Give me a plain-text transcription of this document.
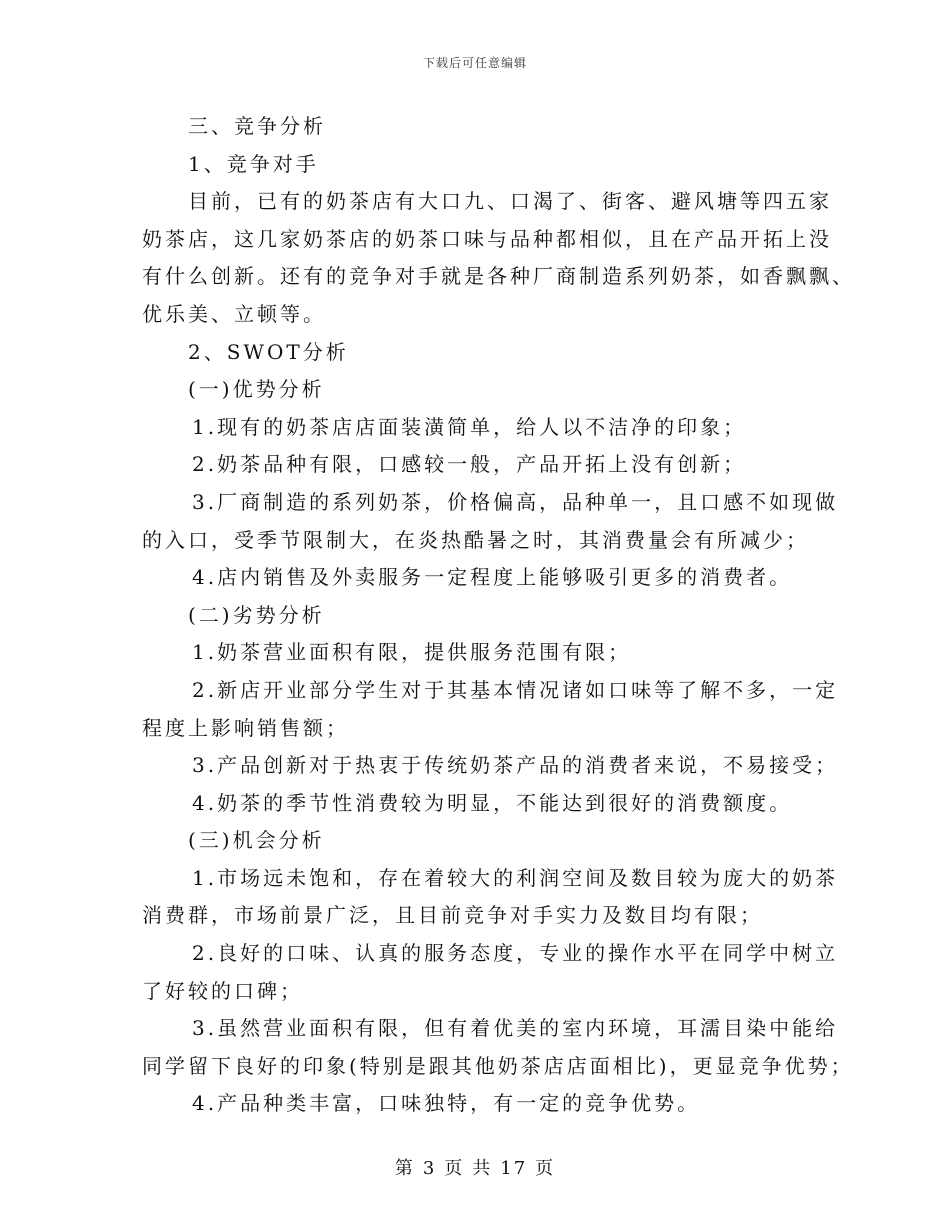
下载后可任意编辑
三、竞争分析
1、竞争对手
目前，已有的奶茶店有大口九、口渴了、街客、避风塘等四五家
奶茶店，这几家奶茶店的奶茶口味与品种都相似，且在产品开拓上没
有什么创新。还有的竞争对手就是各种厂商制造系列奶茶，如香飘飘、
优乐美、立顿等。
2、SWOT分析
(一)优势分析
1.现有的奶茶店店面装潢简单，给人以不洁净的印象；
2.奶茶品种有限，口感较一般，产品开拓上没有创新；
3.厂商制造的系列奶茶，价格偏高，品种单一，且口感不如现做
的入口，受季节限制大，在炎热酷暑之时，其消费量会有所减少；
4.店内销售及外卖服务一定程度上能够吸引更多的消费者。
(二)劣势分析
1.奶茶营业面积有限，提供服务范围有限；
2.新店开业部分学生对于其基本情况诸如口味等了解不多，一定
程度上影响销售额；
3.产品创新对于热衷于传统奶茶产品的消费者来说，不易接受；
4.奶茶的季节性消费较为明显，不能达到很好的消费额度。
(三)机会分析
1.市场远未饱和，存在着较大的利润空间及数目较为庞大的奶茶
消费群，市场前景广泛，且目前竞争对手实力及数目均有限；
2.良好的口味、认真的服务态度，专业的操作水平在同学中树立
了好较的口碑；
3.虽然营业面积有限，但有着优美的室内环境，耳濡目染中能给
同学留下良好的印象(特别是跟其他奶茶店店面相比)，更显竞争优势；
4.产品种类丰富，口味独特，有一定的竞争优势。
第 3 页 共 17 页
